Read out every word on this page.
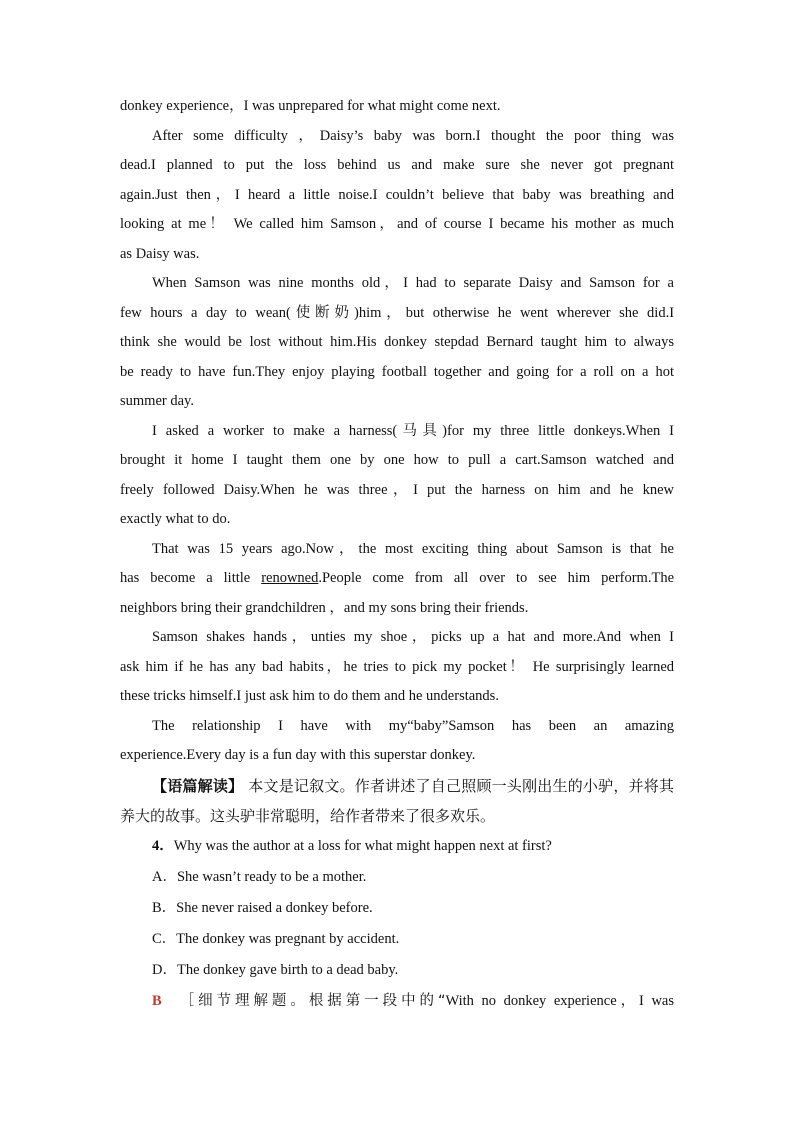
donkey experience，I was unprepared for what might come next.

After some difficulty ，Daisy’s baby was born.I thought the poor thing was

dead.I planned to put the loss behind us and make sure she never got pregnant

again.Just then，I heard a little noise.I couldn’t believe that baby was breathing and

looking at me！ We called him Samson，and of course I became his mother as much

as Daisy was.

When Samson was nine months old，I had to separate Daisy and Samson for a

few hours a day to wean(使断奶)him，but otherwise he went wherever she did.I

think she would be lost without him.His donkey stepdad Bernard taught him to always

be ready to have fun.They enjoy playing football together and going for a roll on a hot

summer day.

I asked a worker to make a harness(马具)for my three little donkeys.When I

brought it home I taught them one by one how to pull a cart.Samson watched and

freely followed Daisy.When he was three，I put the harness on him and he knew

exactly what to do.

That was 15 years ago.Now，the most exciting thing about Samson is that he

has become a little renowned.People come from all over to see him perform.The

neighbors bring their grandchildren ，and my sons bring their friends.

Samson shakes hands，unties my shoe，picks up a hat and more.And when I

ask him if he has any bad habits，he tries to pick my pocket！ He surprisingly learned

these tricks himself.I just ask him to do them and he understands.

The relationship I have with my“baby”Samson has been an amazing

experience.Every day is a fun day with this superstar donkey.

【语篇解读】 本文是记叙文。作者讲述了自己照顾一头刚出生的小驴，并将其养大的故事。这头驴非常聪明，给作者带来了很多欢乐。

4．Why was the author at a loss for what might happen next at first?

A．She wasn’t ready to be a mother.

B．She never raised a donkey before.

C．The donkey was pregnant by accident.

D．The donkey gave birth to a dead baby.

B ［细节理解题。根据第一段中的“With no donkey experience，I was
